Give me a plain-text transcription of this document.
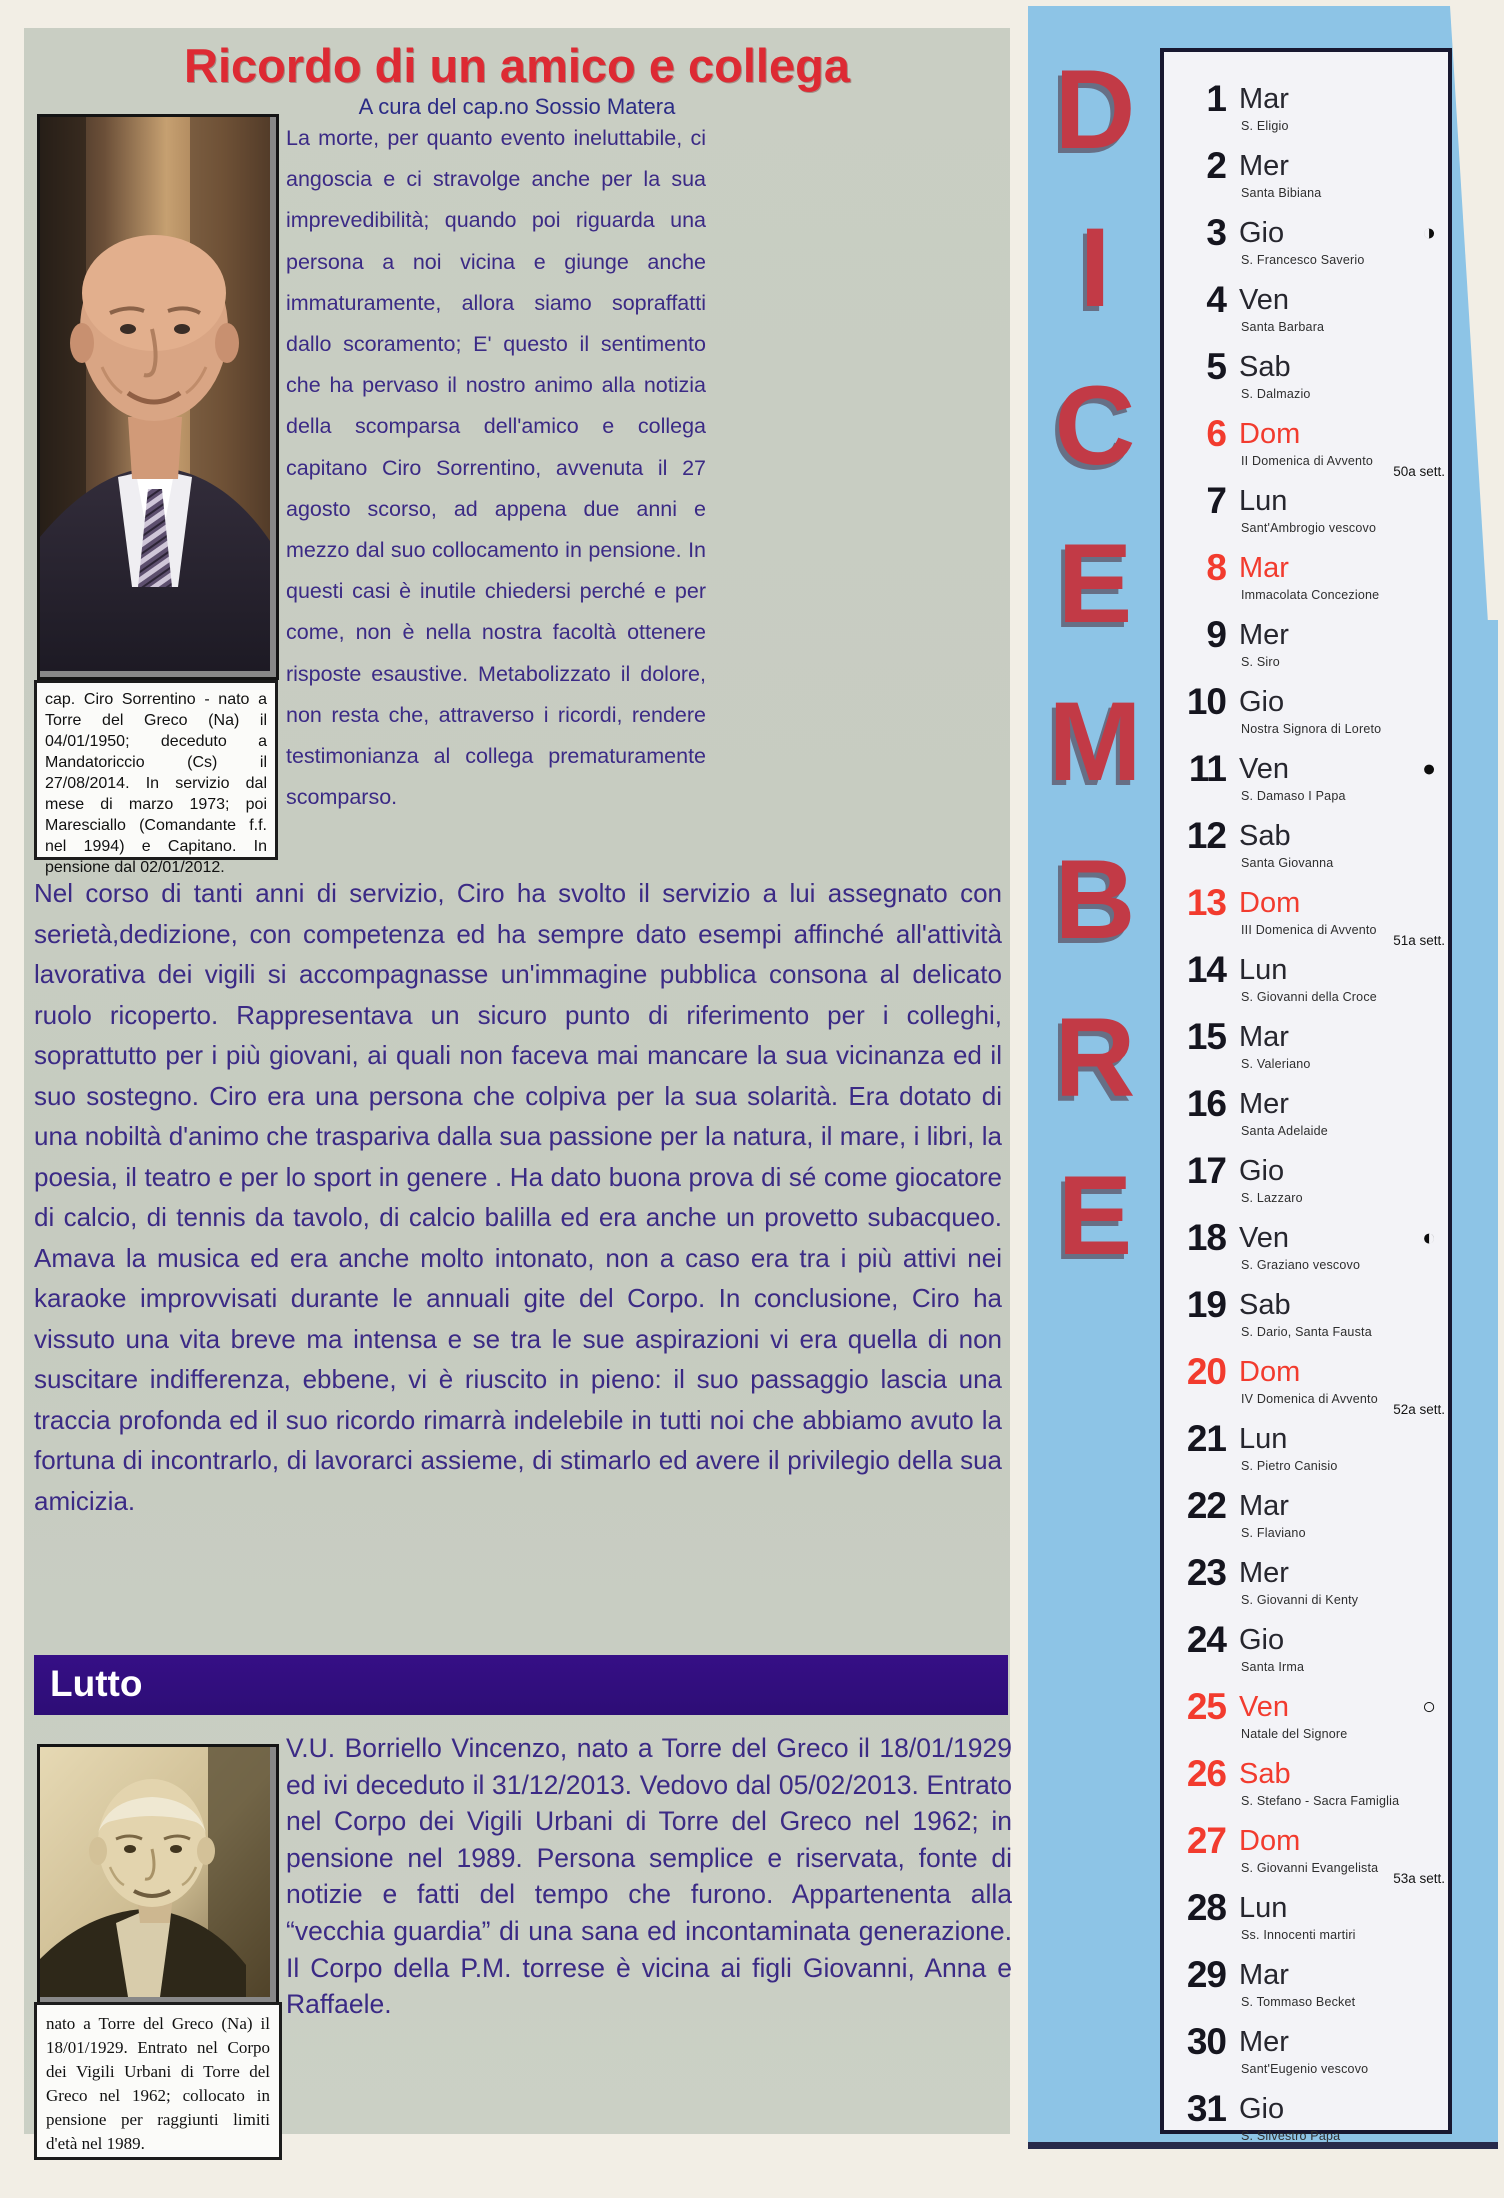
Ricordo di un amico e collega
A cura del cap.no Sossio Matera
cap. Ciro Sorrentino - nato a Torre del Greco (Na) il 04/01/1950; deceduto a Mandatoriccio (Cs) il 27/08/2014. In servizio dal mese di marzo 1973; poi Maresciallo (Comandante f.f. nel 1994) e Capitano. In pensione dal 02/01/2012.
La morte, per quanto evento ineluttabile, ci angoscia e ci stravolge anche per la sua imprevedibilità; quando poi riguarda una persona a noi vicina e giunge anche immaturamente, allora siamo sopraffatti dallo scoramento; E' questo il sentimento che ha pervaso il nostro animo alla notizia della scomparsa dell'amico e collega capitano Ciro Sorrentino, avvenuta il 27 agosto scorso, ad appena due anni e mezzo dal suo collocamento in pensione. In questi casi è inutile chiedersi perché e per come, non è nella nostra facoltà ottenere risposte esaustive. Metabolizzato il dolore, non resta che, attraverso i ricordi, rendere testimonianza al collega prematuramente scomparso.
Nel corso di tanti anni di servizio, Ciro ha svolto il servizio a lui assegnato con serietà,dedizione, con competenza ed ha sempre dato esempi affinché all'attività lavorativa dei vigili si accompagnasse un'immagine pubblica consona al delicato ruolo ricoperto. Rappresentava un sicuro punto di riferimento per i colleghi, soprattutto per i più giovani, ai quali non faceva mai mancare la sua vicinanza ed il suo sostegno. Ciro era una persona che colpiva per la sua solarità. Era dotato di una nobiltà d'animo che traspariva dalla sua passione per la natura, il mare, i libri, la poesia, il teatro e per lo sport in genere . Ha dato buona prova di sé come giocatore di calcio, di tennis da tavolo, di calcio balilla ed era anche un provetto subacqueo. Amava la musica ed era anche molto intonato, non a caso era tra i più attivi nei karaoke improvvisati durante le annuali gite del Corpo. In conclusione, Ciro ha vissuto una vita breve ma intensa e se tra le sue aspirazioni vi era quella di non suscitare indifferenza, ebbene, vi è riuscito in pieno: il suo passaggio lascia una traccia profonda ed il suo ricordo rimarrà indelebile in tutti noi che abbiamo avuto la fortuna di incontrarlo, di lavorarci assieme, di stimarlo ed avere il privilegio della sua amicizia.
Lutto
nato a Torre del Greco (Na) il 18/01/1929. Entrato nel Corpo dei Vigili Urbani di Torre del Greco nel 1962; collocato in pensione per raggiunti limiti d'età nel 1989.
V.U. Borriello Vincenzo, nato a Torre del Greco il 18/01/1929 ed ivi deceduto il 31/12/2013. Vedovo dal 05/02/2013. Entrato nel Corpo dei Vigili Urbani di Torre del Greco nel 1962; in pensione nel 1989. Persona semplice e riservata, fonte di notizie e fatti del tempo che furono. Appartenenta alla “vecchia guardia” di una sana ed incontaminata generazione. Il Corpo della P.M. torrese è vicina ai figli Giovanni, Anna e Raffaele.
D
I
C
E
M
B
R
E
1 Mar
S. Eligio
2 Mer
Santa Bibiana
3 Gio
S. Francesco Saverio
◑
4 Ven
Santa Barbara
5 Sab
S. Dalmazio
6 Dom
II Domenica di Avvento
50a sett.
7 Lun
Sant'Ambrogio vescovo
8 Mar
Immacolata Concezione
9 Mer
S. Siro
10 Gio
Nostra Signora di Loreto
11 Ven
S. Damaso I Papa
●
12 Sab
Santa Giovanna
13 Dom
III Domenica di Avvento
51a sett.
14 Lun
S. Giovanni della Croce
15 Mar
S. Valeriano
16 Mer
Santa Adelaide
17 Gio
S. Lazzaro
18 Ven
S. Graziano vescovo
◐
19 Sab
S. Dario, Santa Fausta
20 Dom
IV Domenica di Avvento
52a sett.
21 Lun
S. Pietro Canisio
22 Mar
S. Flaviano
23 Mer
S. Giovanni di Kenty
24 Gio
Santa Irma
25 Ven
Natale del Signore
○
26 Sab
S. Stefano - Sacra Famiglia
27 Dom
S. Giovanni Evangelista
53a sett.
28 Lun
Ss. Innocenti martiri
29 Mar
S. Tommaso Becket
30 Mer
Sant'Eugenio vescovo
31 Gio
S. Silvestro Papa
